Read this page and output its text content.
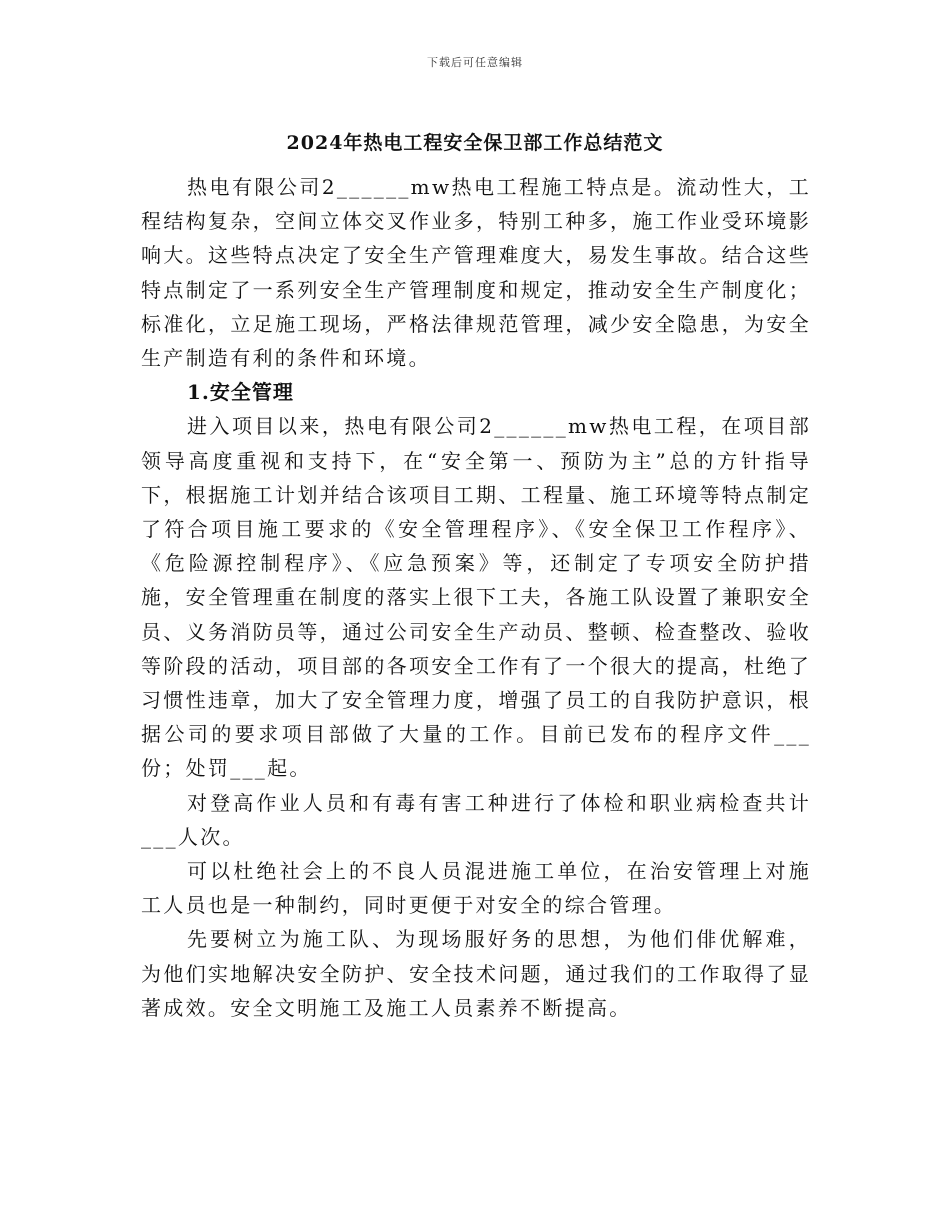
下载后可任意编辑
2024年热电工程安全保卫部工作总结范文

热电有限公司2______mw热电工程施工特点是。流动性大，工程结构复杂，空间立体交叉作业多，特别工种多，施工作业受环境影响大。这些特点决定了安全生产管理难度大，易发生事故。结合这些特点制定了一系列安全生产管理制度和规定，推动安全生产制度化；标准化，立足施工现场，严格法律规范管理，减少安全隐患，为安全生产制造有利的条件和环境。

1.安全管理

进入项目以来，热电有限公司2______mw热电工程，在项目部领导高度重视和支持下，在“安全第一、预防为主”总的方针指导下，根据施工计划并结合该项目工期、工程量、施工环境等特点制定了符合项目施工要求的《安全管理程序》、《安全保卫工作程序》、《危险源控制程序》、《应急预案》等，还制定了专项安全防护措施，安全管理重在制度的落实上很下工夫，各施工队设置了兼职安全员、义务消防员等，通过公司安全生产动员、整顿、检查整改、验收等阶段的活动，项目部的各项安全工作有了一个很大的提高，杜绝了习惯性违章，加大了安全管理力度，增强了员工的自我防护意识，根据公司的要求项目部做了大量的工作。目前已发布的程序文件___份；处罚___起。

对登高作业人员和有毒有害工种进行了体检和职业病检查共计___人次。

可以杜绝社会上的不良人员混进施工单位，在治安管理上对施工人员也是一种制约，同时更便于对安全的综合管理。

先要树立为施工队、为现场服好务的思想，为他们俳优解难，为他们实地解决安全防护、安全技术问题，通过我们的工作取得了显著成效。安全文明施工及施工人员素养不断提高。
